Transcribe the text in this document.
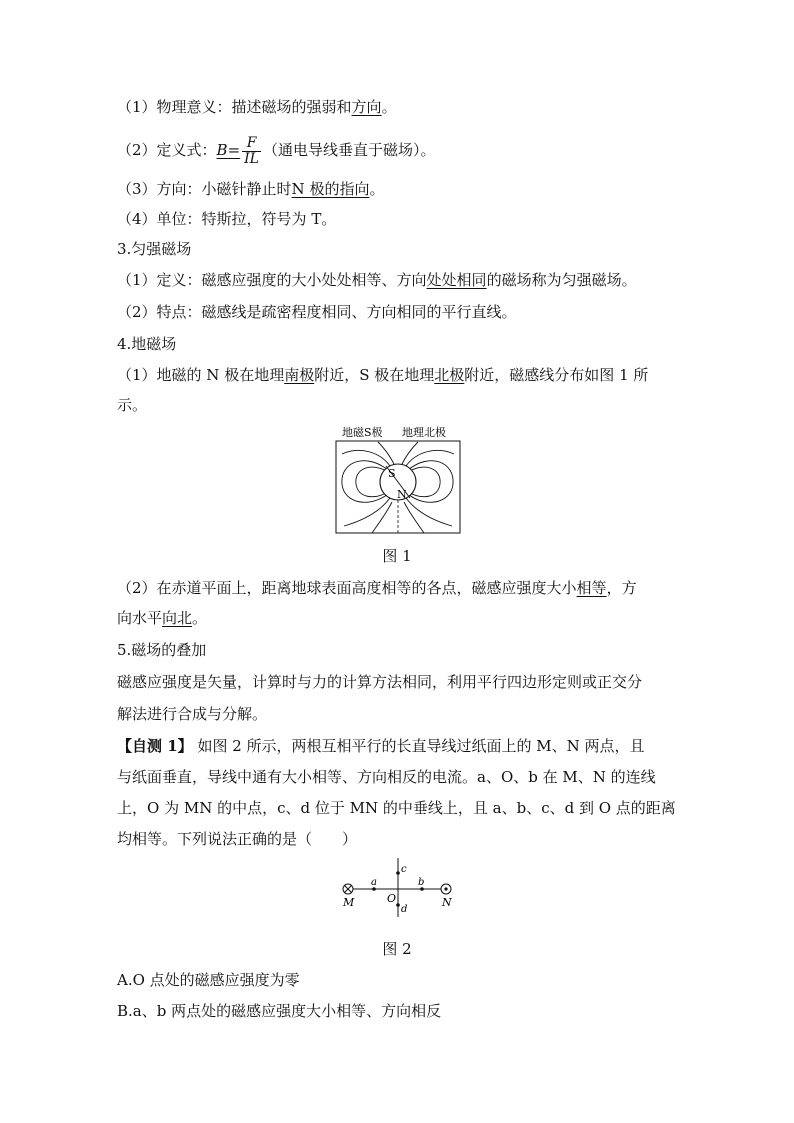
（1）物理意义：描述磁场的强弱和方向。
（2）定义式：$B= \frac{F}{IL}$ （通电导线垂直于磁场）。
（3）方向：小磁针静止时N 极的指向。
（4）单位：特斯拉，符号为 T。
3.匀强磁场
（1）定义：磁感应强度的大小处处相等、方向处处相同的磁场称为匀强磁场。
（2）特点：磁感线是疏密程度相同、方向相同的平行直线。
4.地磁场
（1）地磁的 N 极在地理南极附近，S 极在地理北极附近，磁感线分布如图 1 所
示。
地磁S极 地理北极
S
N
图 1
（2）在赤道平面上，距离地球表面高度相等的各点，磁感应强度大小相等，方
向水平向北。
5.磁场的叠加
磁感应强度是矢量，计算时与力的计算方法相同，利用平行四边形定则或正交分
解法进行合成与分解。
【自测 1】 如图 2 所示，两根互相平行的长直导线过纸面上的 M、N 两点，且
与纸面垂直，导线中通有大小相等、方向相反的电流。a、O、b 在 M、N 的连线
上，O 为 MN 的中点，c、d 位于 MN 的中垂线上，且 a、b、c、d 到 O 点的距离
均相等。下列说法正确的是（　　）
M	N
O
a	b
c
d
图 2
A.O 点处的磁感应强度为零
B.a、b 两点处的磁感应强度大小相等、方向相反
